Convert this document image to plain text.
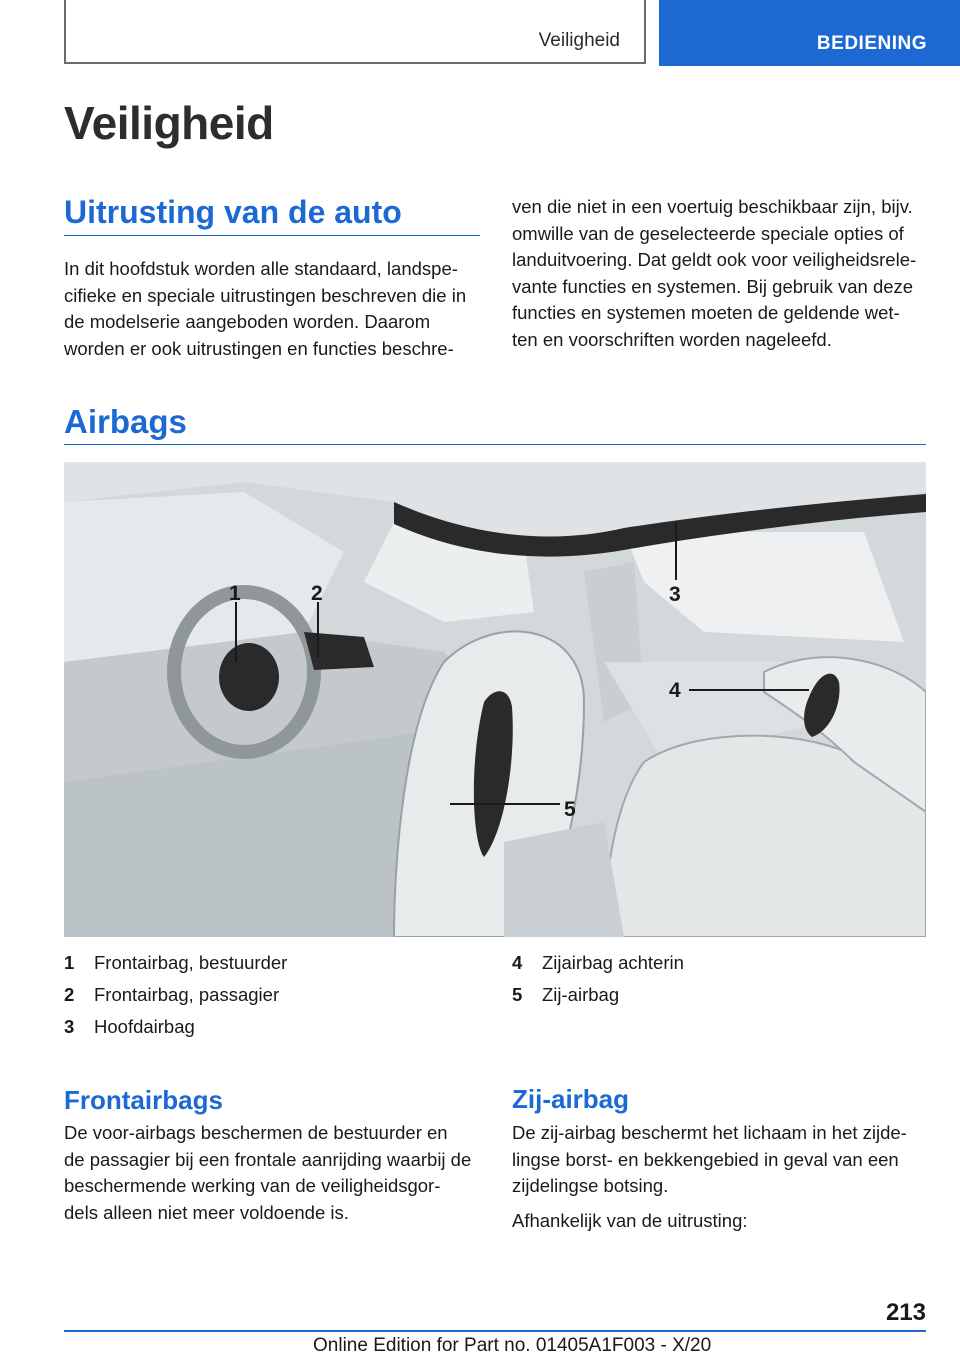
Veiligheid	BEDIENING
Veiligheid
Uitrusting van de auto
In dit hoofdstuk worden alle standaard, landspe-
cifieke en speciale uitrustingen beschreven die in
de modelserie aangeboden worden. Daarom
worden er ook uitrustingen en functies beschre-
ven die niet in een voertuig beschikbaar zijn, bijv.
omwille van de geselecteerde speciale opties of
landuitvoering. Dat geldt ook voor veiligheidsrele-
vante functies en systemen. Bij gebruik van deze
functies en systemen moeten de geldende wet-
ten en voorschriften worden nageleefd.
Airbags
1	2	3
4
5
1 Frontairbag, bestuurder
2 Frontairbag, passagier
3 Hoofdairbag
4 Zijairbag achterin
5 Zij-airbag
Frontairbags
De voor-airbags beschermen de bestuurder en
de passagier bij een frontale aanrijding waarbij de
beschermende werking van de veiligheidsgor-
dels alleen niet meer voldoende is.
Zij-airbag
De zij-airbag beschermt het lichaam in het zijde-
lingse borst- en bekkengebied in geval van een
zijdelingse botsing.
Afhankelijk van de uitrusting:
213
Online Edition for Part no. 01405A1F003 - X/20
